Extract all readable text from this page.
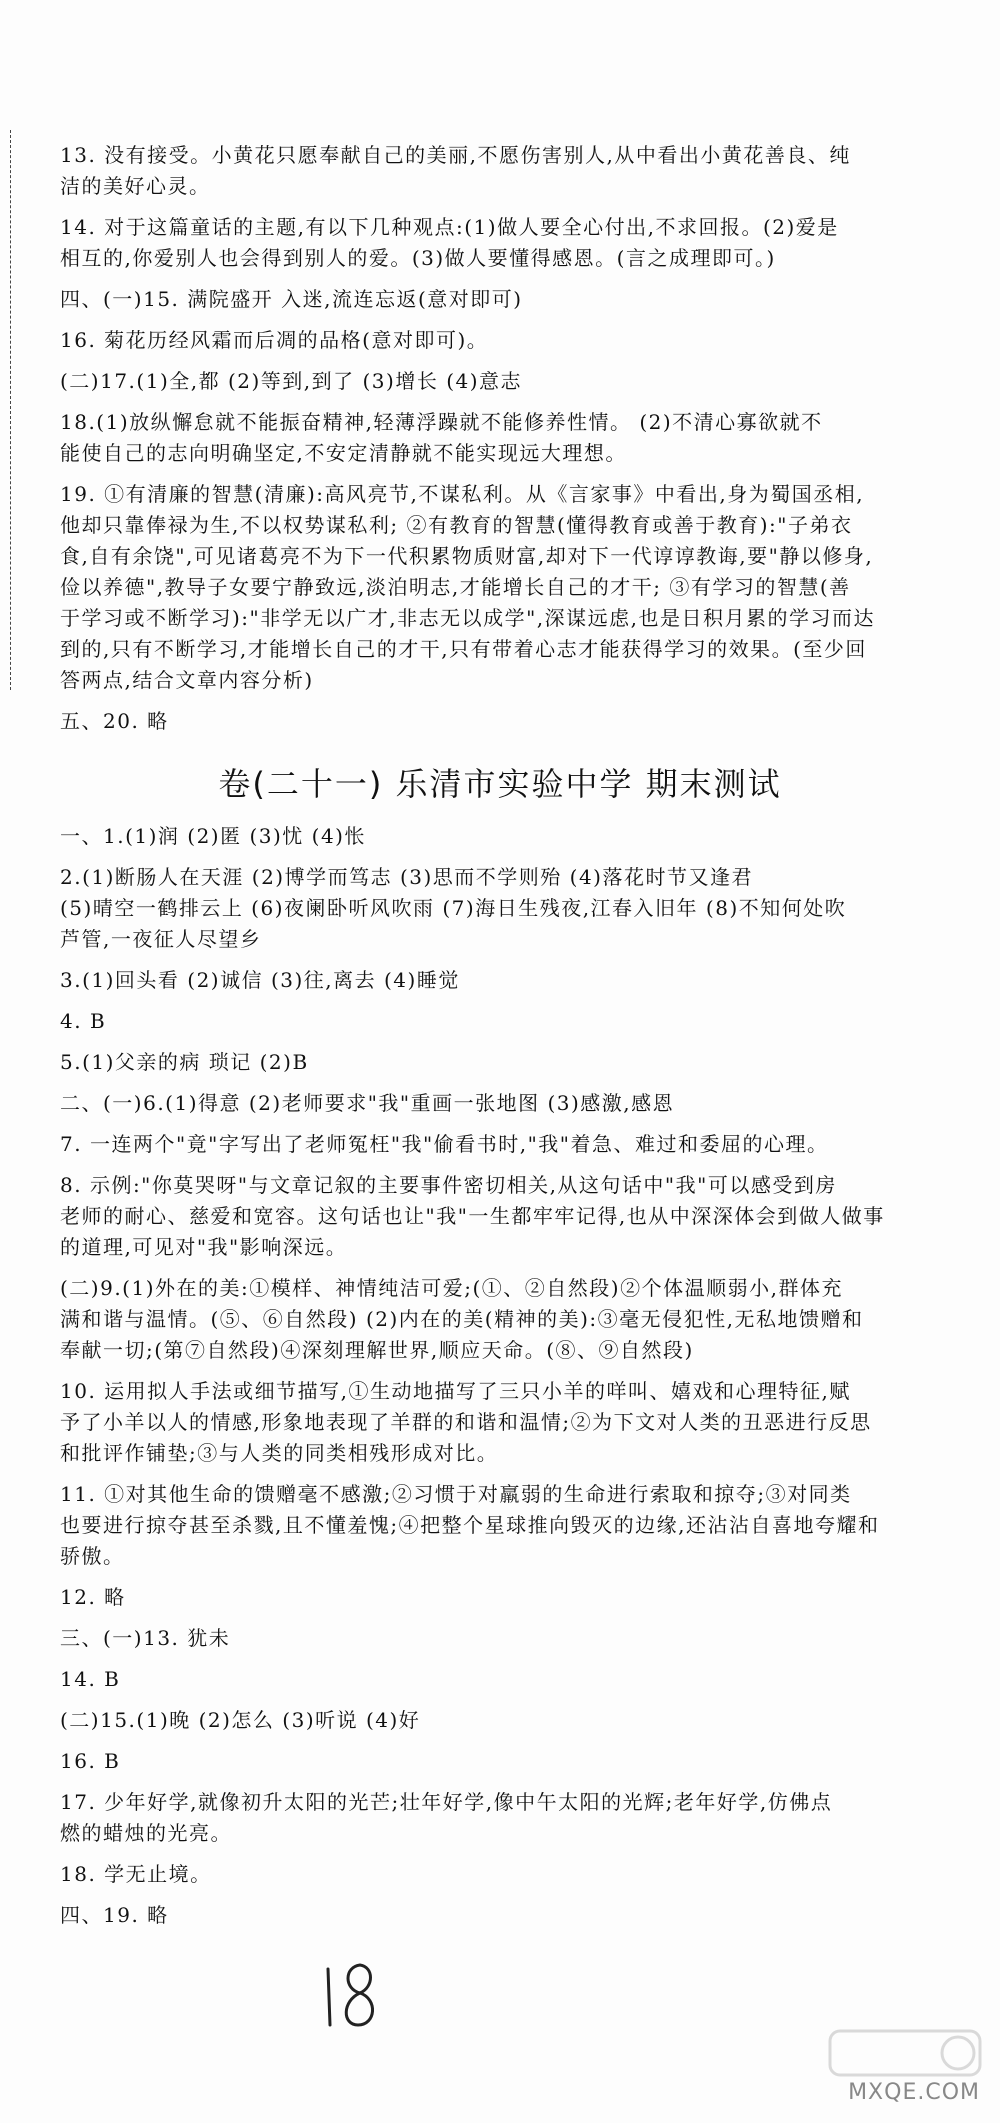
13. 没有接受。小黄花只愿奉献自己的美丽,不愿伤害别人,从中看出小黄花善良、纯
洁的美好心灵。
14. 对于这篇童话的主题,有以下几种观点:(1)做人要全心付出,不求回报。(2)爱是
相互的,你爱别人也会得到别人的爱。(3)做人要懂得感恩。(言之成理即可。)
四、(一)15. 满院盛开 入迷,流连忘返(意对即可)
16. 菊花历经风霜而后凋的品格(意对即可)。
(二)17.(1)全,都 (2)等到,到了 (3)增长 (4)意志
18.(1)放纵懈怠就不能振奋精神,轻薄浮躁就不能修养性情。 (2)不清心寡欲就不
能使自己的志向明确坚定,不安定清静就不能实现远大理想。
19. ①有清廉的智慧(清廉):高风亮节,不谋私利。从《言家事》中看出,身为蜀国丞相,
他却只靠俸禄为生,不以权势谋私利; ②有教育的智慧(懂得教育或善于教育):"子弟衣
食,自有余饶",可见诸葛亮不为下一代积累物质财富,却对下一代谆谆教诲,要"静以修身,
俭以养德",教导子女要宁静致远,淡泊明志,才能增长自己的才干; ③有学习的智慧(善
于学习或不断学习):"非学无以广才,非志无以成学",深谋远虑,也是日积月累的学习而达
到的,只有不断学习,才能增长自己的才干,只有带着心志才能获得学习的效果。(至少回
答两点,结合文章内容分析)
五、20. 略
卷(二十一) 乐清市实验中学 期末测试
一、1.(1)润 (2)匿 (3)忧 (4)怅
2.(1)断肠人在天涯 (2)博学而笃志 (3)思而不学则殆 (4)落花时节又逢君
(5)晴空一鹤排云上 (6)夜阑卧听风吹雨 (7)海日生残夜,江春入旧年 (8)不知何处吹
芦管,一夜征人尽望乡
3.(1)回头看 (2)诚信 (3)往,离去 (4)睡觉
4. B
5.(1)父亲的病 琐记 (2)B
二、(一)6.(1)得意 (2)老师要求"我"重画一张地图 (3)感激,感恩
7. 一连两个"竟"字写出了老师冤枉"我"偷看书时,"我"着急、难过和委屈的心理。
8. 示例:"你莫哭呀"与文章记叙的主要事件密切相关,从这句话中"我"可以感受到房
老师的耐心、慈爱和宽容。这句话也让"我"一生都牢牢记得,也从中深深体会到做人做事
的道理,可见对"我"影响深远。
(二)9.(1)外在的美:①模样、神情纯洁可爱;(①、②自然段)②个体温顺弱小,群体充
满和谐与温情。(⑤、⑥自然段) (2)内在的美(精神的美):③毫无侵犯性,无私地馈赠和
奉献一切;(第⑦自然段)④深刻理解世界,顺应天命。(⑧、⑨自然段)
10. 运用拟人手法或细节描写,①生动地描写了三只小羊的咩叫、嬉戏和心理特征,赋
予了小羊以人的情感,形象地表现了羊群的和谐和温情;②为下文对人类的丑恶进行反思
和批评作铺垫;③与人类的同类相残形成对比。
11. ①对其他生命的馈赠毫不感激;②习惯于对羸弱的生命进行索取和掠夺;③对同类
也要进行掠夺甚至杀戮,且不懂羞愧;④把整个星球推向毁灭的边缘,还沾沾自喜地夸耀和
骄傲。
12. 略
三、(一)13. 犹未
14. B
(二)15.(1)晚 (2)怎么 (3)听说 (4)好
16. B
17. 少年好学,就像初升太阳的光芒;壮年好学,像中午太阳的光辉;老年好学,仿佛点
燃的蜡烛的光亮。
18. 学无止境。
四、19. 略
MXQE.COM
